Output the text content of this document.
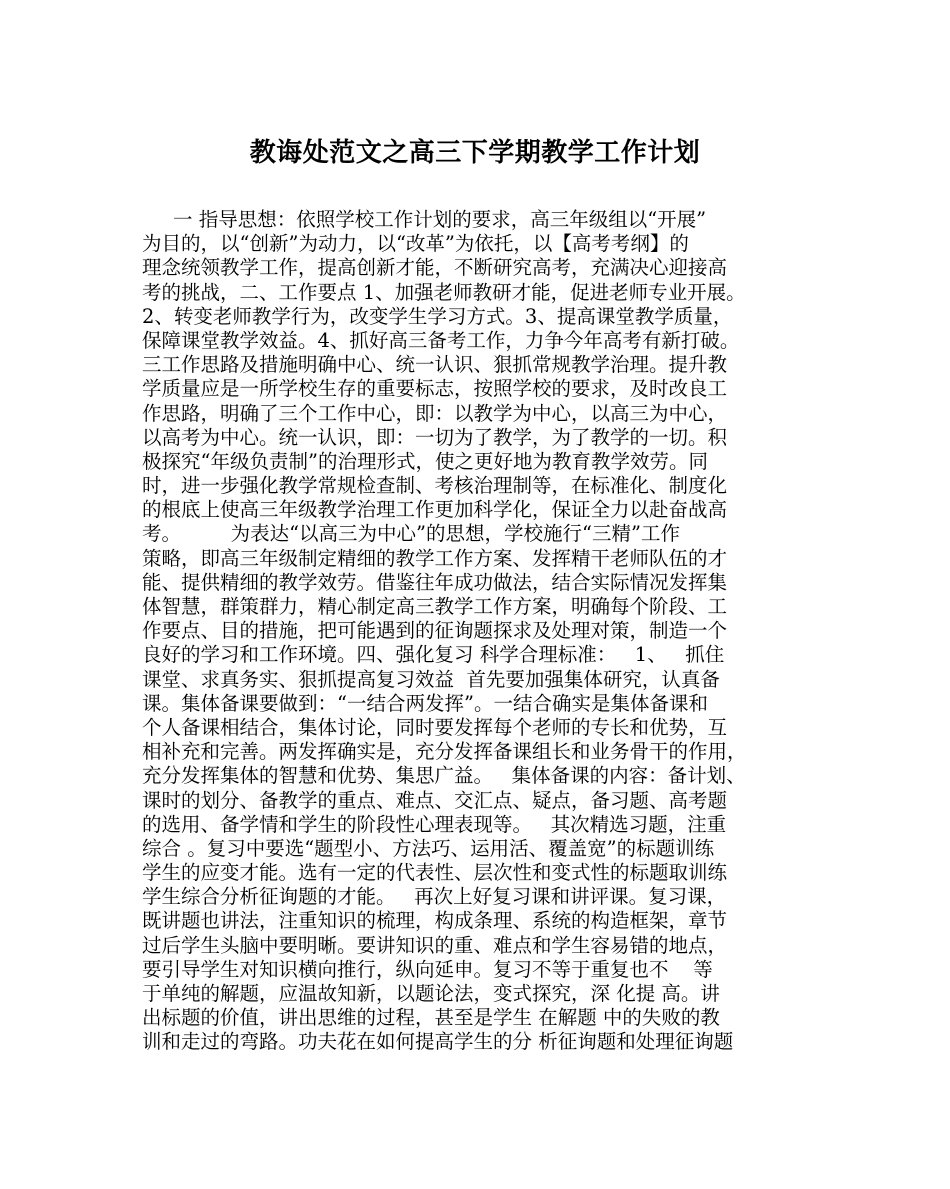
教诲处范文之高三下学期教学工作计划
一 指导思想：依照学校工作计划的要求，高三年级组以“开展”
为目的，以“创新”为动力，以“改革”为依托，以【高考考纲】的
理念统领教学工作，提高创新才能，不断研究高考，充满决心迎接高
考的挑战，二、工作要点 1、加强老师教研才能，促进老师专业开展。
2、转变老师教学行为，改变学生学习方式。3、提高课堂教学质量，
保障课堂教学效益。4、抓好高三备考工作，力争今年高考有新打破。
三工作思路及措施明确中心、统一认识、狠抓常规教学治理。提升教
学质量应是一所学校生存的重要标志，按照学校的要求，及时改良工
作思路，明确了三个工作中心，即：以教学为中心，以高三为中心，
以高考为中心。统一认识，即：一切为了教学，为了教学的一切。积
极探究“年级负责制”的治理形式，使之更好地为教育教学效劳。同
时，进一步强化教学常规检查制、考核治理制等，在标准化、制度化
的根底上使高三年级教学治理工作更加科学化，保证全力以赴奋战高
考。        为表达“以高三为中心”的思想，学校施行“三精”工作
策略，即高三年级制定精细的教学工作方案、发挥精干老师队伍的才
能、提供精细的教学效劳。借鉴往年成功做法，结合实际情况发挥集
体智慧，群策群力，精心制定高三教学工作方案，明确每个阶段、工
作要点、目的措施，把可能遇到的征询题探求及处理对策，制造一个
良好的学习和工作环境。四、强化复习 科学合理标准：   1、   抓住
课堂、求真务实、狠抓提高复习效益  首先要加强集体研究，认真备
课。集体备课要做到：“一结合两发挥”。一结合确实是集体备课和
个人备课相结合，集体讨论，同时要发挥每个老师的专长和优势，互
相补充和完善。两发挥确实是，充分发挥备课组长和业务骨干的作用，
充分发挥集体的智慧和优势、集思广益。   集体备课的内容：备计划、
课时的划分、备教学的重点、难点、交汇点、疑点，备习题、高考题
的选用、备学情和学生的阶段性心理表现等。   其次精选习题，注重
综合 。复习中要选“题型小、方法巧、运用活、覆盖宽”的标题训练
学生的应变才能。选有一定的代表性、层次性和变式性的标题取训练
学生综合分析征询题的才能。   再次上好复习课和讲评课。复习课，
既讲题也讲法，注重知识的梳理，构成条理、系统的构造框架，章节
过后学生头脑中要明晰。要讲知识的重、难点和学生容易错的地点，
要引导学生对知识横向推行，纵向延申。复习不等于重复也不    等
于单纯的解题，应温故知新，以题论法，变式探究，深 化提 高。讲
出标题的价值，讲出思维的过程，甚至是学生 在解题 中的失败的教
训和走过的弯路。功夫花在如何提高学生的分 析征询题和处理征询题
